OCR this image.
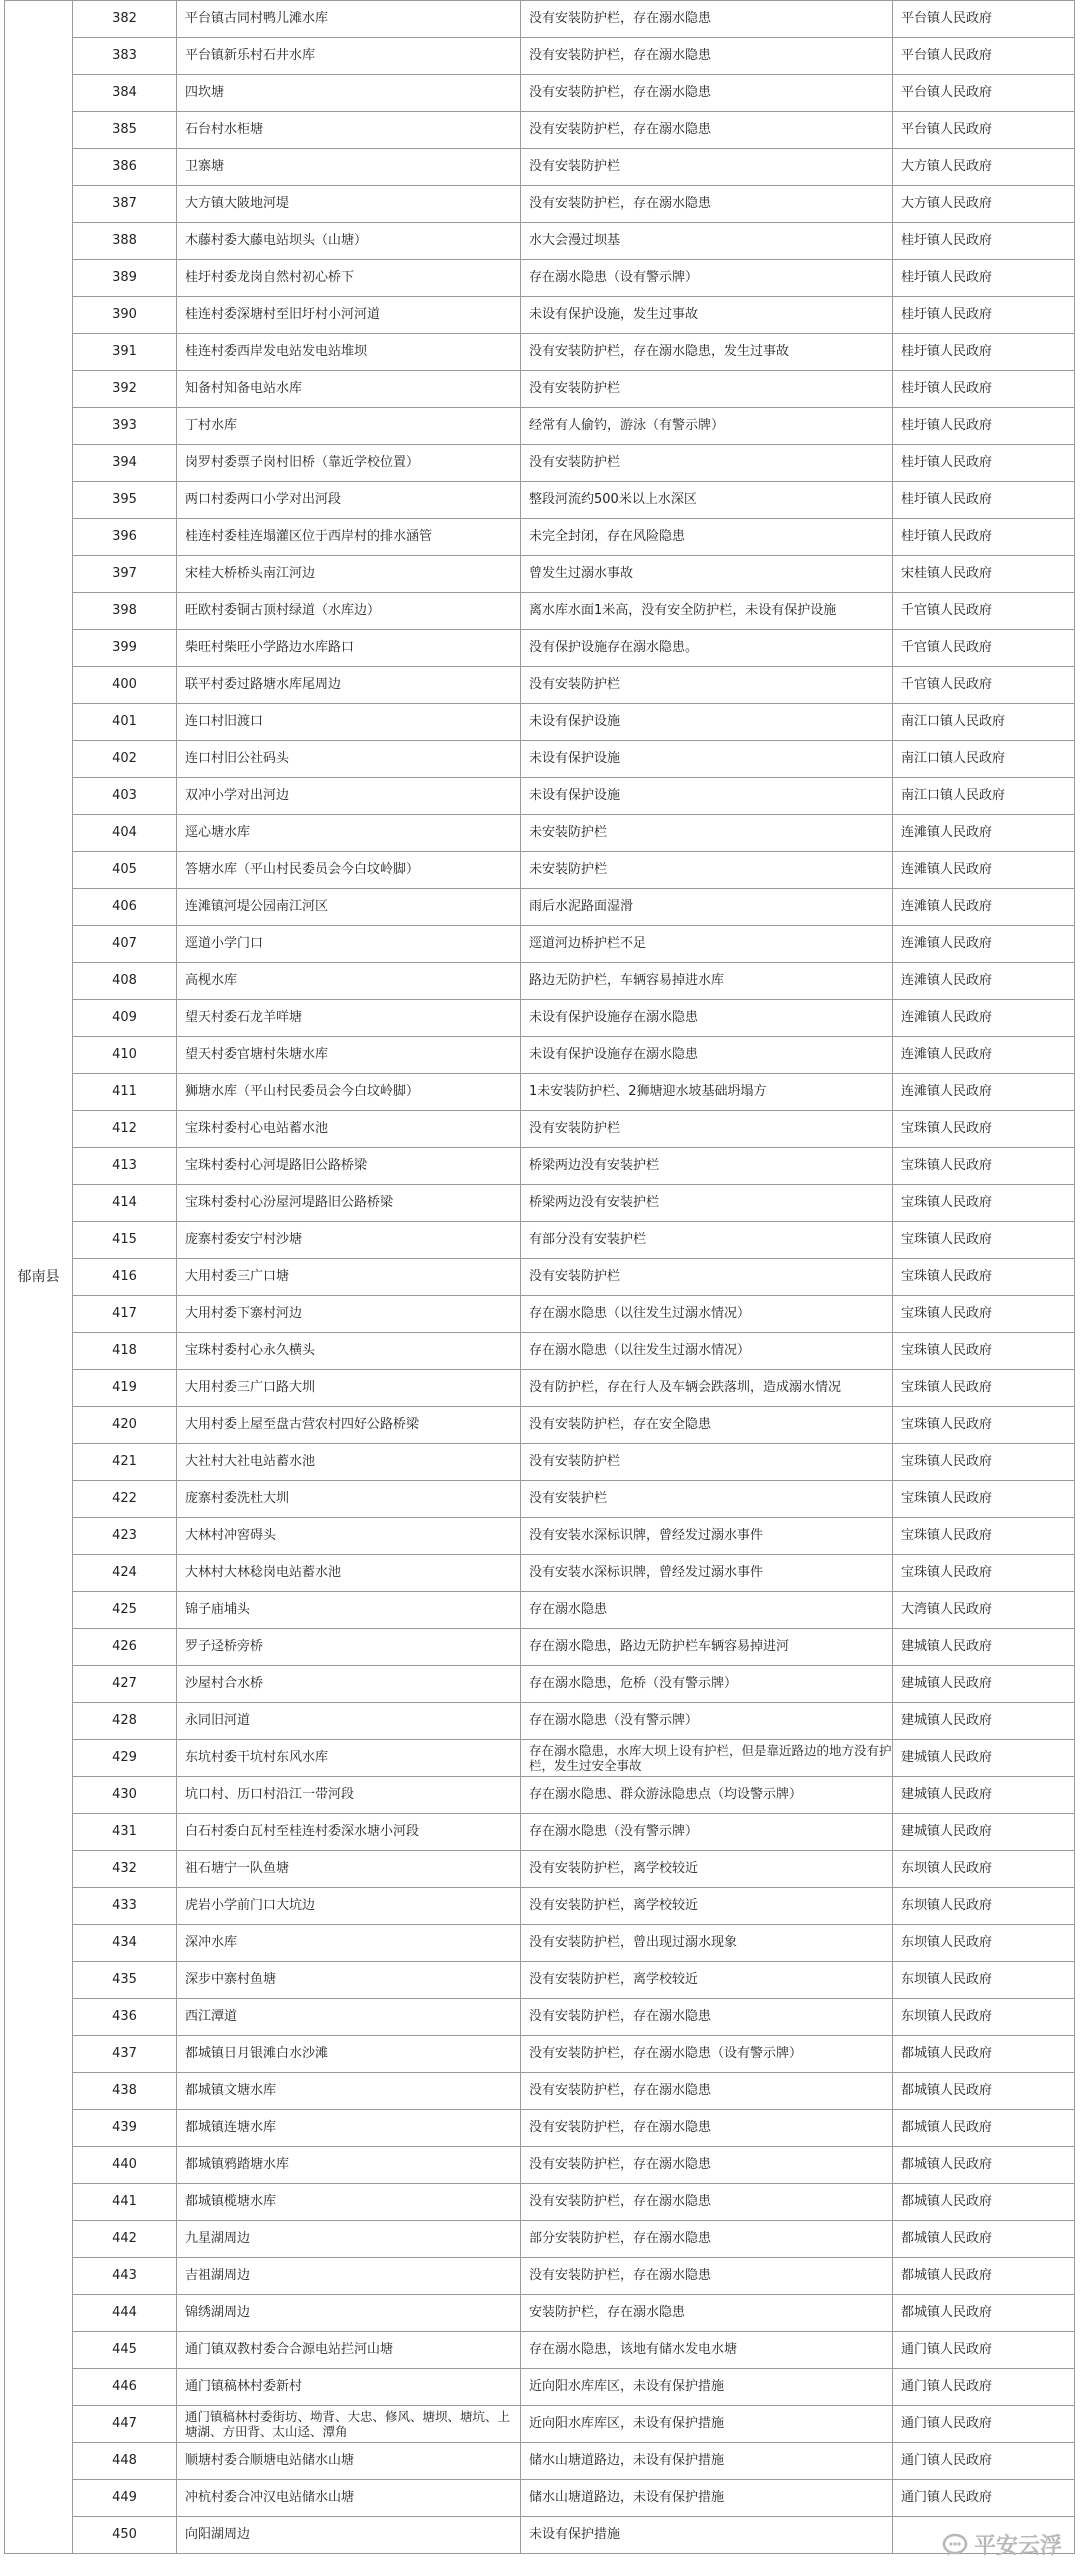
郁南县	382	平台镇古同村鸭儿滩水库	没有安装防护栏，存在溺水隐患	平台镇人民政府
	383	平台镇新乐村石井水库	没有安装防护栏，存在溺水隐患	平台镇人民政府
	384	四坎塘	没有安装防护栏，存在溺水隐患	平台镇人民政府
	385	石台村水柜塘	没有安装防护栏，存在溺水隐患	平台镇人民政府
	386	卫寨塘	没有安装防护栏	大方镇人民政府
	387	大方镇大陂地河堤	没有安装防护栏，存在溺水隐患	大方镇人民政府
	388	木藤村委大藤电站坝头（山塘）	水大会漫过坝基	桂圩镇人民政府
	389	桂圩村委龙岗自然村初心桥下	存在溺水隐患（设有警示牌）	桂圩镇人民政府
	390	桂连村委深塘村至旧圩村小河河道	未设有保护设施，发生过事故	桂圩镇人民政府
	391	桂连村委西岸发电站发电站堆坝	没有安装防护栏，存在溺水隐患，发生过事故	桂圩镇人民政府
	392	知备村知备电站水库	没有安装防护栏	桂圩镇人民政府
	393	丁村水库	经常有人偷钓，游泳（有警示牌）	桂圩镇人民政府
	394	岗罗村委票子岗村旧桥（靠近学校位置）	没有安装防护栏	桂圩镇人民政府
	395	两口村委两口小学对出河段	整段河流约500米以上水深区	桂圩镇人民政府
	396	桂连村委桂连塌灌区位于西岸村的排水涵管	未完全封闭，存在风险隐患	桂圩镇人民政府
	397	宋桂大桥桥头南江河边	曾发生过溺水事故	宋桂镇人民政府
	398	旺欧村委铜古顶村绿道（水库边）	离水库水面1米高，没有安全防护栏，未设有保护设施	千官镇人民政府
	399	柴旺村柴旺小学路边水库路口	没有保护设施存在溺水隐患。	千官镇人民政府
	400	联平村委过路塘水库尾周边	没有安装防护栏	千官镇人民政府
	401	连口村旧渡口	未设有保护设施	南江口镇人民政府
	402	连口村旧公社码头	未设有保护设施	南江口镇人民政府
	403	双冲小学对出河边	未设有保护设施	南江口镇人民政府
	404	逕心塘水库	未安装防护栏	连滩镇人民政府
	405	答塘水库（平山村民委员会今白坟岭脚）	未安装防护栏	连滩镇人民政府
	406	连滩镇河堤公园南江河区	雨后水泥路面湿滑	连滩镇人民政府
	407	逕道小学门口	逕道河边桥护栏不足	连滩镇人民政府
	408	高枧水库	路边无防护栏，车辆容易掉进水库	连滩镇人民政府
	409	望天村委石龙羊咩塘	未设有保护设施存在溺水隐患	连滩镇人民政府
	410	望天村委官塘村朱塘水库	未设有保护设施存在溺水隐患	连滩镇人民政府
	411	狮塘水库（平山村民委员会今白坟岭脚）	1未安装防护栏、2狮塘迎水坡基础坍塌方	连滩镇人民政府
	412	宝珠村委村心电站蓄水池	没有安装防护栏	宝珠镇人民政府
	413	宝珠村委村心河堤路旧公路桥梁	桥梁两边没有安装护栏	宝珠镇人民政府
	414	宝珠村委村心汾屋河堤路旧公路桥梁	桥梁两边没有安装护栏	宝珠镇人民政府
	415	庞寨村委安宁村沙塘	有部分没有安装护栏	宝珠镇人民政府
	416	大用村委三广口塘	没有安装防护栏	宝珠镇人民政府
	417	大用村委下寨村河边	存在溺水隐患（以往发生过溺水情况）	宝珠镇人民政府
	418	宝珠村委村心永久横头	存在溺水隐患（以往发生过溺水情况）	宝珠镇人民政府
	419	大用村委三广口路大圳	没有防护栏，存在行人及车辆会跌落圳，造成溺水情况	宝珠镇人民政府
	420	大用村委上屋至盘古营农村四好公路桥梁	没有安装防护栏，存在安全隐患	宝珠镇人民政府
	421	大社村大社电站蓄水池	没有安装防护栏	宝珠镇人民政府
	422	庞寨村委洗杜大圳	没有安装护栏	宝珠镇人民政府
	423	大林村冲窖碍头	没有安装水深标识牌，曾经发过溺水事件	宝珠镇人民政府
	424	大林村大林稔岗电站蓄水池	没有安装水深标识牌，曾经发过溺水事件	宝珠镇人民政府
	425	锦子庙埔头	存在溺水隐患	大湾镇人民政府
	426	罗子迳桥旁桥	存在溺水隐患，路边无防护栏车辆容易掉进河	建城镇人民政府
	427	沙屋村合水桥	存在溺水隐患，危桥（没有警示牌）	建城镇人民政府
	428	永同旧河道	存在溺水隐患（没有警示牌）	建城镇人民政府
	429	东坑村委干坑村东风水库	存在溺水隐患，水库大坝上设有护栏，但是靠近路边的地方没有护栏，发生过安全事故	建城镇人民政府
	430	坑口村、历口村沿江一带河段	存在溺水隐患、群众游泳隐患点（均设警示牌）	建城镇人民政府
	431	白石村委白瓦村至桂连村委深水塘小河段	存在溺水隐患（没有警示牌）	建城镇人民政府
	432	祖石塘宁一队鱼塘	没有安装防护栏，离学校较近	东坝镇人民政府
	433	虎岩小学前门口大坑边	没有安装防护栏，离学校较近	东坝镇人民政府
	434	深冲水库	没有安装防护栏，曾出现过溺水现象	东坝镇人民政府
	435	深步中寨村鱼塘	没有安装防护栏，离学校较近	东坝镇人民政府
	436	西江潭道	没有安装防护栏，存在溺水隐患	东坝镇人民政府
	437	都城镇日月银滩白水沙滩	没有安装防护栏，存在溺水隐患（设有警示牌）	都城镇人民政府
	438	都城镇文塘水库	没有安装防护栏，存在溺水隐患	都城镇人民政府
	439	都城镇连塘水库	没有安装防护栏，存在溺水隐患	都城镇人民政府
	440	都城镇鸦踏塘水库	没有安装防护栏，存在溺水隐患	都城镇人民政府
	441	都城镇榄塘水库	没有安装防护栏，存在溺水隐患	都城镇人民政府
	442	九星湖周边	部分安装防护栏，存在溺水隐患	都城镇人民政府
	443	吉祖湖周边	没有安装防护栏，存在溺水隐患	都城镇人民政府
	444	锦绣湖周边	安装防护栏，存在溺水隐患	都城镇人民政府
	445	通门镇双教村委合合源电站拦河山塘	存在溺水隐患，该地有储水发电水塘	通门镇人民政府
	446	通门镇稿林村委新村	近向阳水库库区，未设有保护措施	通门镇人民政府
	447	通门镇稿林村委街坊、坳背、大忠、修风、塘坝、塘坑、上塘湖、方田背、太山迳、潭角	近向阳水库库区，未设有保护措施	通门镇人民政府
	448	顺塘村委合顺塘电站储水山塘	储水山塘道路边，未设有保护措施	通门镇人民政府
	449	冲杭村委合冲汉电站储水山塘	储水山塘道路边，未设有保护措施	通门镇人民政府
	450	向阳湖周边	未设有保护措施		平安云浮
